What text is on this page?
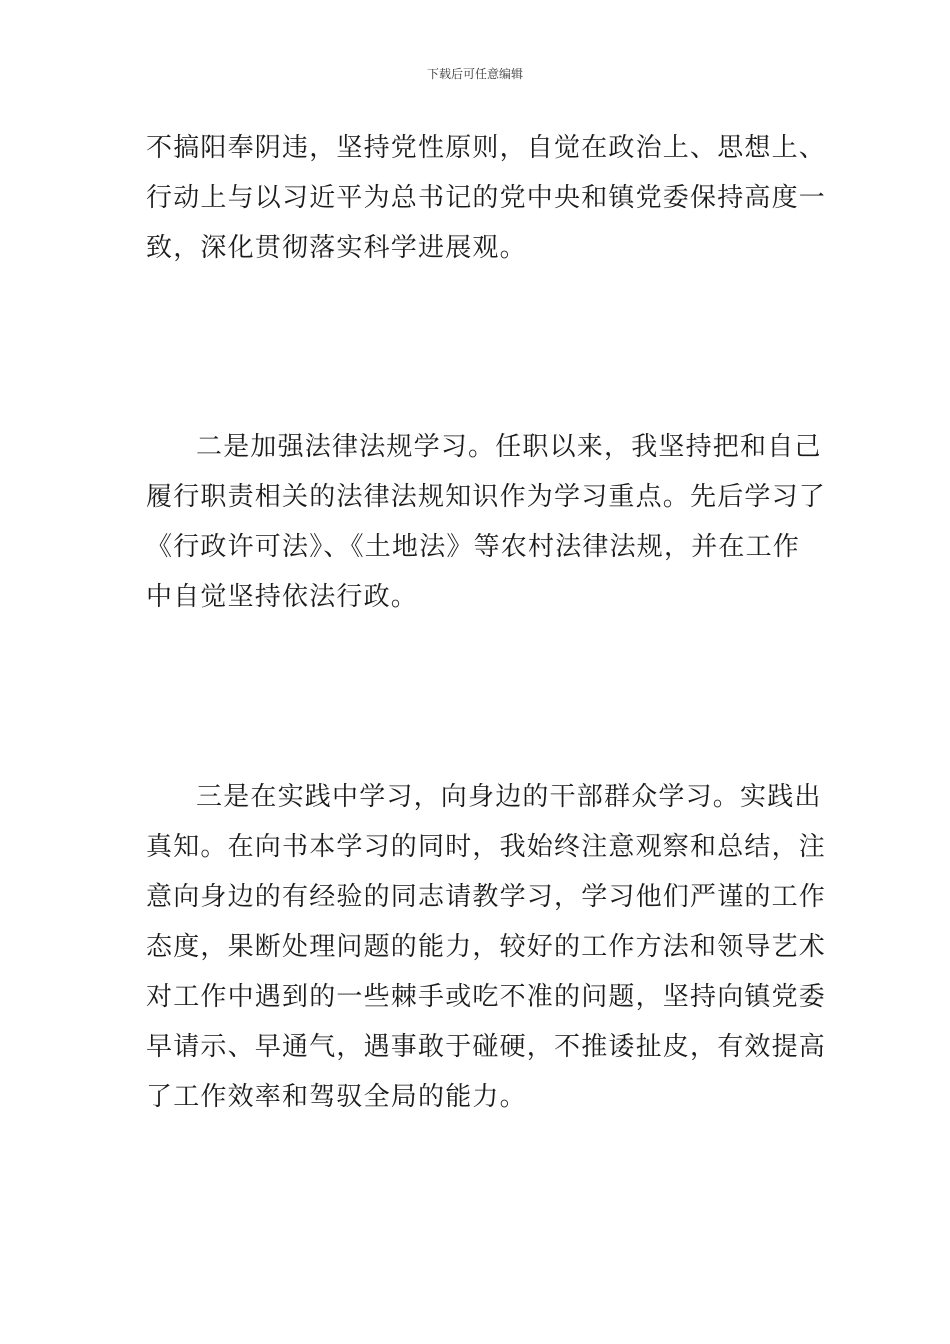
下载后可任意编辑
不搞阳奉阴违，坚持党性原则，自觉在政治上、思想上、
行动上与以习近平为总书记的党中央和镇党委保持高度一
致，深化贯彻落实科学进展观。
二是加强法律法规学习。任职以来，我坚持把和自己
履行职责相关的法律法规知识作为学习重点。先后学习了
《行政许可法》、《土地法》等农村法律法规，并在工作
中自觉坚持依法行政。
三是在实践中学习，向身边的干部群众学习。实践出
真知。在向书本学习的同时，我始终注意观察和总结，注
意向身边的有经验的同志请教学习，学习他们严谨的工作
态度，果断处理问题的能力，较好的工作方法和领导艺术
对工作中遇到的一些棘手或吃不准的问题，坚持向镇党委
早请示、早通气，遇事敢于碰硬，不推诿扯皮，有效提高
了工作效率和驾驭全局的能力。
